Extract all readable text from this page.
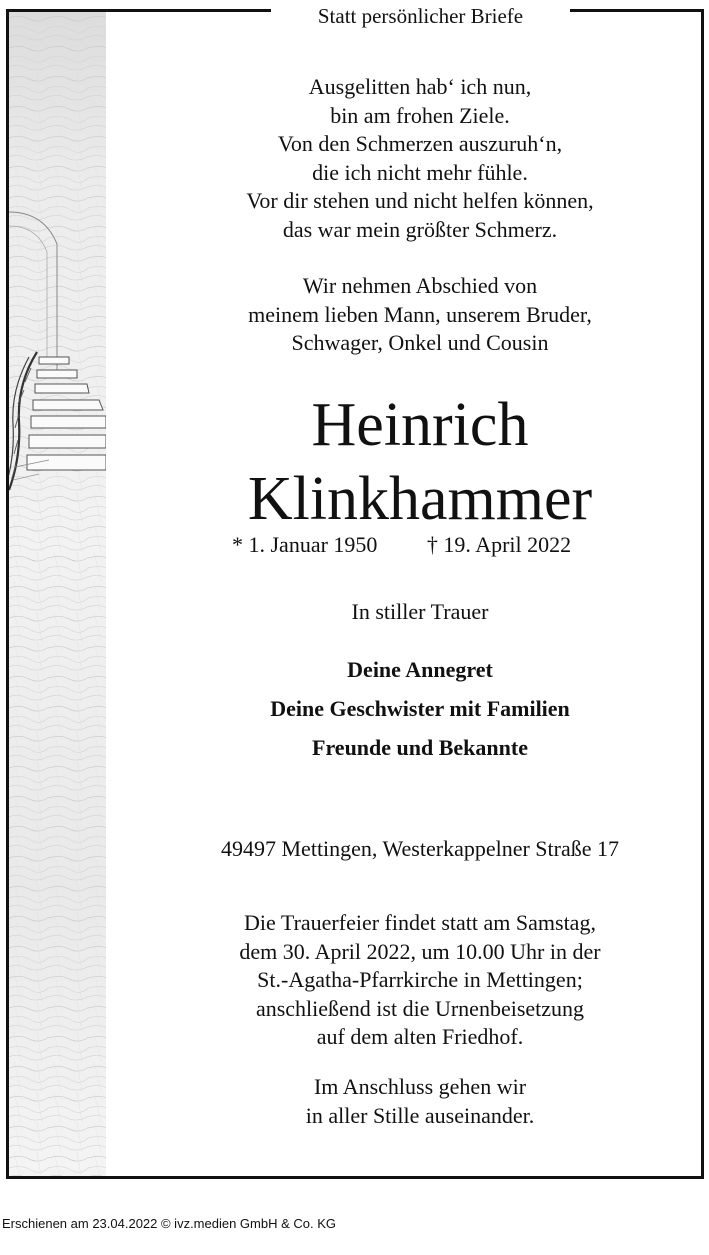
Statt persönlicher Briefe
Ausgelitten hab‘ ich nun,
bin am frohen Ziele.
Von den Schmerzen auszuruh‘n,
die ich nicht mehr fühle.
Vor dir stehen und nicht helfen können,
das war mein größter Schmerz.
Wir nehmen Abschied von
meinem lieben Mann, unserem Bruder,
Schwager, Onkel und Cousin
Heinrich
Klinkhammer
* 1. Januar 1950 † 19. April 2022
In stiller Trauer
Deine Annegret
Deine Geschwister mit Familien
Freunde und Bekannte
49497 Mettingen, Westerkappelner Straße 17
Die Trauerfeier findet statt am Samstag,
dem 30. April 2022, um 10.00 Uhr in der
St.-Agatha-Pfarrkirche in Mettingen;
anschließend ist die Urnenbeisetzung
auf dem alten Friedhof.
Im Anschluss gehen wir
in aller Stille auseinander.
Erschienen am 23.04.2022 © ivz.medien GmbH & Co. KG
